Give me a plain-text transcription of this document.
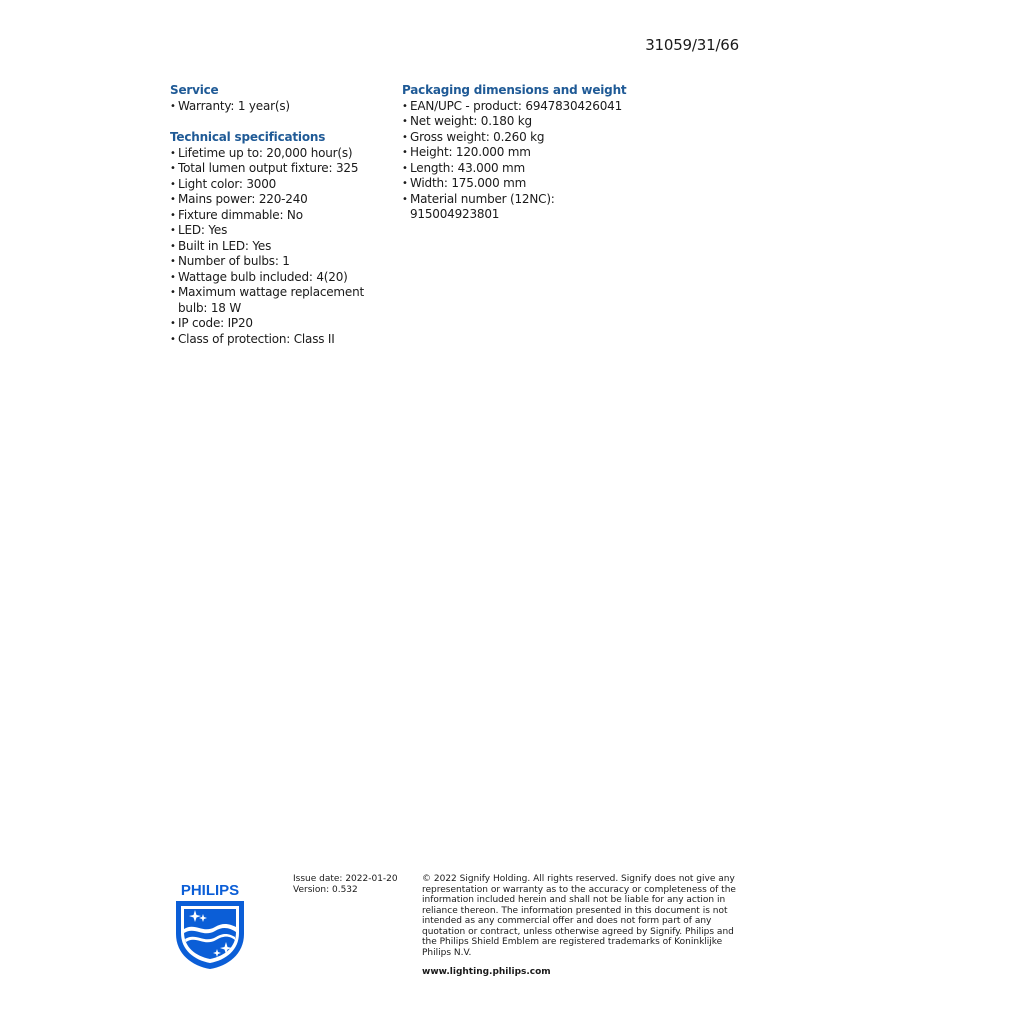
31059/31/66
Service
• Warranty: 1 year(s)
Technical specifications
• Lifetime up to: 20,000 hour(s)
• Total lumen output fixture: 325
• Light color: 3000
• Mains power: 220-240
• Fixture dimmable: No
• LED: Yes
• Built in LED: Yes
• Number of bulbs: 1
• Wattage bulb included: 4(20)
• Maximum wattage replacement bulb: 18 W
• IP code: IP20
• Class of protection: Class II
Packaging dimensions and weight
• EAN/UPC - product: 6947830426041
• Net weight: 0.180 kg
• Gross weight: 0.260 kg
• Height: 120.000 mm
• Length: 43.000 mm
• Width: 175.000 mm
• Material number (12NC): 915004923801
PHILIPS
Issue date: 2022-01-20
Version: 0.532
© 2022 Signify Holding. All rights reserved. Signify does not give any representation or warranty as to the accuracy or completeness of the information included herein and shall not be liable for any action in reliance thereon. The information presented in this document is not intended as any commercial offer and does not form part of any quotation or contract, unless otherwise agreed by Signify. Philips and the Philips Shield Emblem are registered trademarks of Koninklijke Philips N.V.
www.lighting.philips.com
